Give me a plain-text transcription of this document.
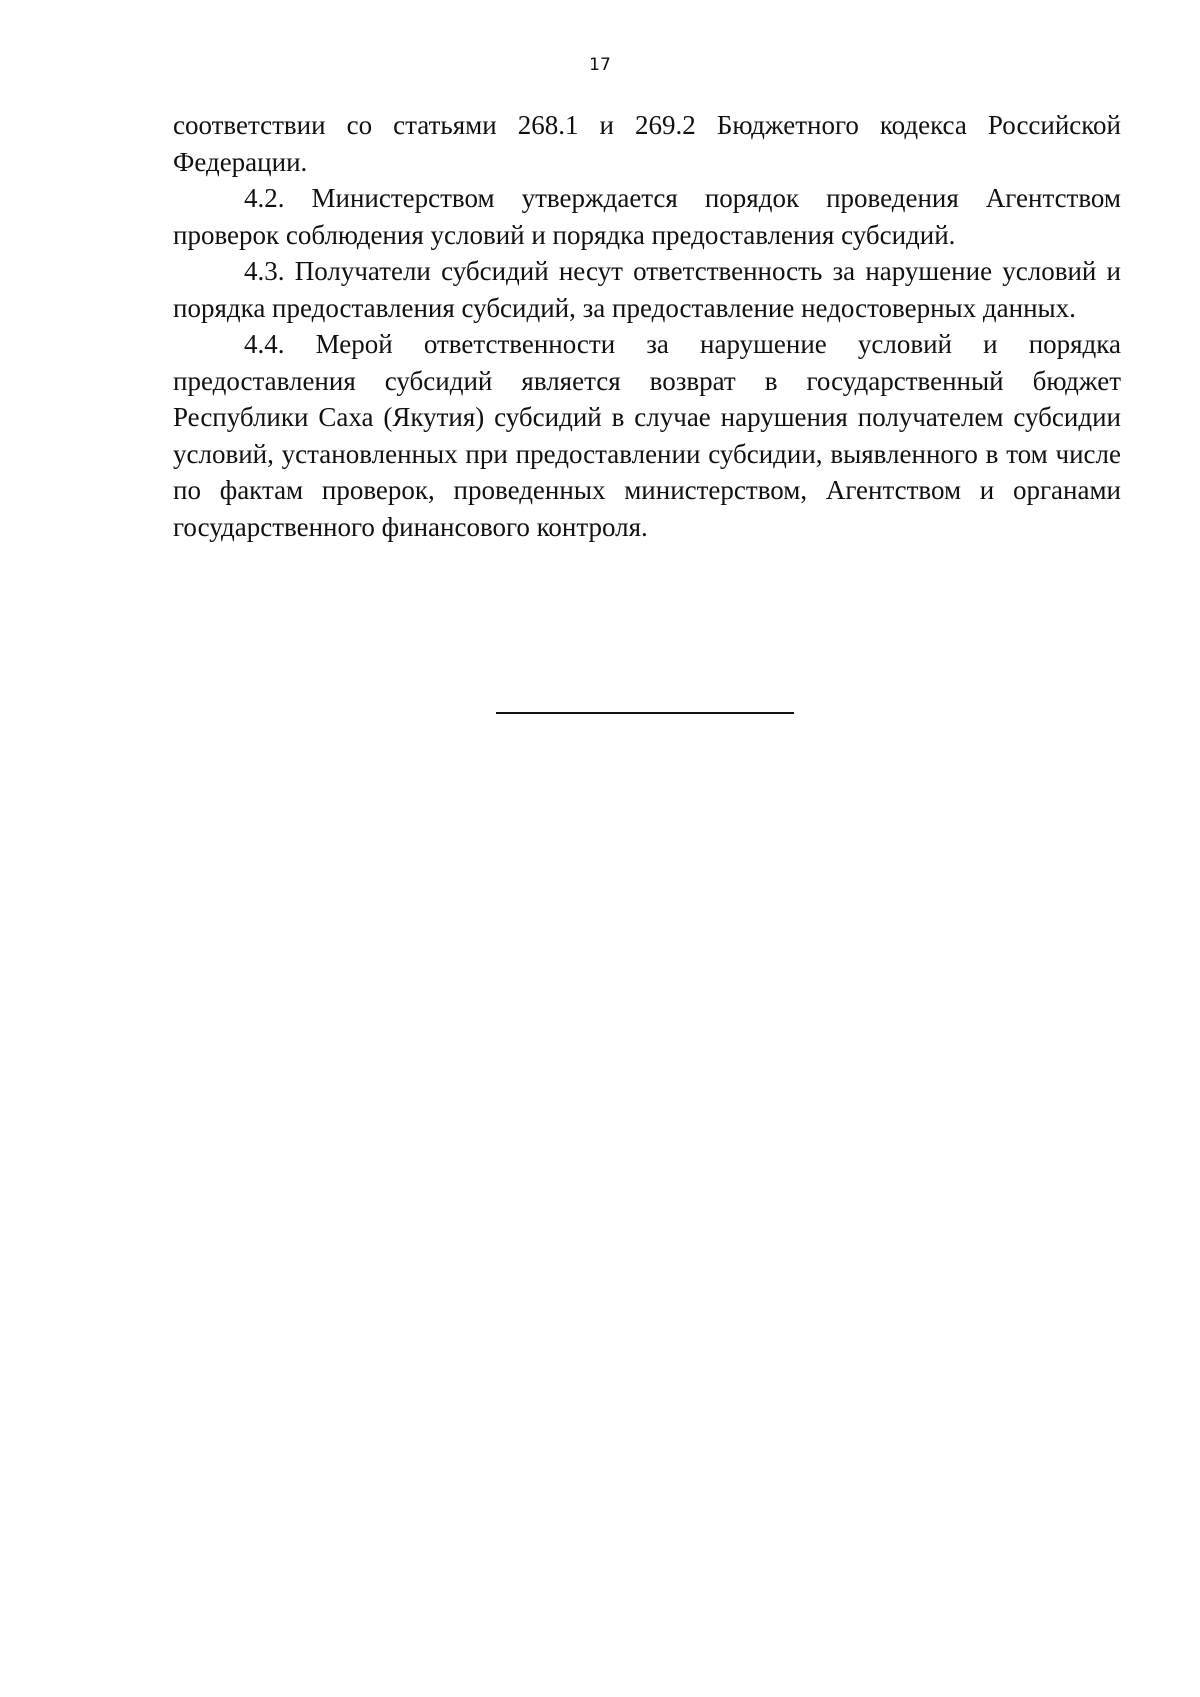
17

соответствии со статьями 268.1 и 269.2 Бюджетного кодекса Российской Федерации.

4.2. Министерством утверждается порядок проведения Агентством проверок соблюдения условий и порядка предоставления субсидий.

4.3. Получатели субсидий несут ответственность за нарушение условий и порядка предоставления субсидий, за предоставление недостоверных данных.

4.4. Мерой ответственности за нарушение условий и порядка предоставления субсидий является возврат в государственный бюджет Республики Саха (Якутия) субсидий в случае нарушения получателем субсидии условий, установленных при предоставлении субсидии, выявленного в том числе по фактам проверок, проведенных министерством, Агентством и органами государственного финансового контроля.
